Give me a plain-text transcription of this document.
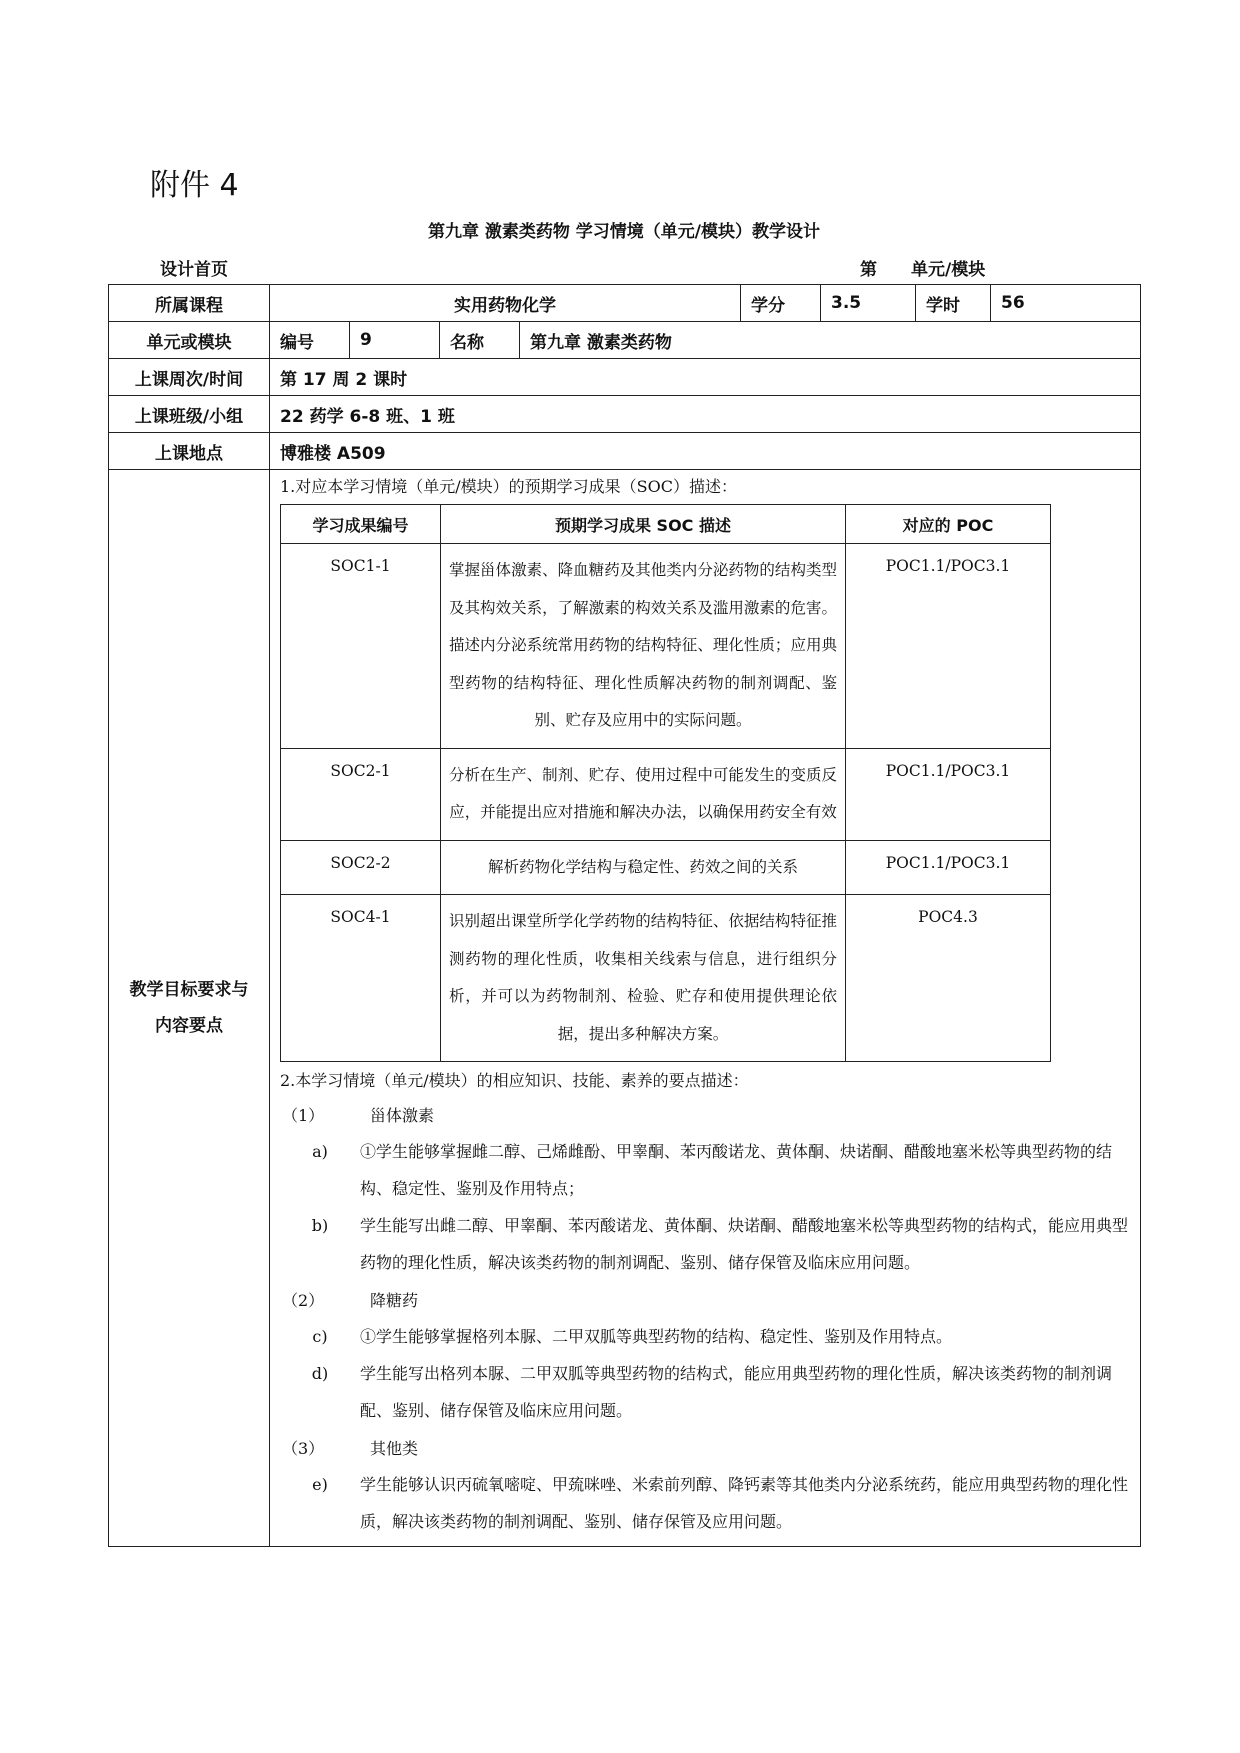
附件 4
第九章 激素类药物 学习情境（单元/模块）教学设计
设计首页	第 单元/模块
所属课程	实用药物化学	学分	3.5	学时	56
单元或模块	编号	9	名称	第九章 激素类药物
上课周次/时间	第 17 周 2 课时
上课班级/小组	22 药学 6-8 班、1 班
上课地点	博雅楼 A509

教学目标要求与
内容要点

1.对应本学习情境（单元/模块）的预期学习成果（SOC）描述：
学习成果编号	预期学习成果 SOC 描述	对应的 POC
SOC1-1	掌握甾体激素、降血糖药及其他类内分泌药物的结构类型及其构效关系，了解激素的构效关系及滥用激素的危害。描述内分泌系统常用药物的结构特征、理化性质；应用典型药物的结构特征、理化性质解决药物的制剂调配、鉴别、贮存及应用中的实际问题。	POC1.1/POC3.1
SOC2-1	分析在生产、制剂、贮存、使用过程中可能发生的变质反应，并能提出应对措施和解决办法，以确保用药安全有效	POC1.1/POC3.1
SOC2-2	解析药物化学结构与稳定性、药效之间的关系	POC1.1/POC3.1
SOC4-1	识别超出课堂所学化学药物的结构特征、依据结构特征推测药物的理化性质，收集相关线索与信息，进行组织分析，并可以为药物制剂、检验、贮存和使用提供理论依据，提出多种解决方案。	POC4.3
2.本学习情境（单元/模块）的相应知识、技能、素养的要点描述：
（1）	甾体激素
a)	①学生能够掌握雌二醇、己烯雌酚、甲睾酮、苯丙酸诺龙、黄体酮、炔诺酮、醋酸地塞米松等典型药物的结构、稳定性、鉴别及作用特点；
b)	学生能写出雌二醇、甲睾酮、苯丙酸诺龙、黄体酮、炔诺酮、醋酸地塞米松等典型药物的结构式，能应用典型药物的理化性质，解决该类药物的制剂调配、鉴别、储存保管及临床应用问题。
（2）	降糖药
c)	①学生能够掌握格列本脲、二甲双胍等典型药物的结构、稳定性、鉴别及作用特点。
d)	学生能写出格列本脲、二甲双胍等典型药物的结构式，能应用典型药物的理化性质，解决该类药物的制剂调配、鉴别、储存保管及临床应用问题。
（3）	其他类
e)	学生能够认识丙硫氧嘧啶、甲巯咪唑、米索前列醇、降钙素等其他类内分泌系统药，能应用典型药物的理化性质，解决该类药物的制剂调配、鉴别、储存保管及应用问题。
